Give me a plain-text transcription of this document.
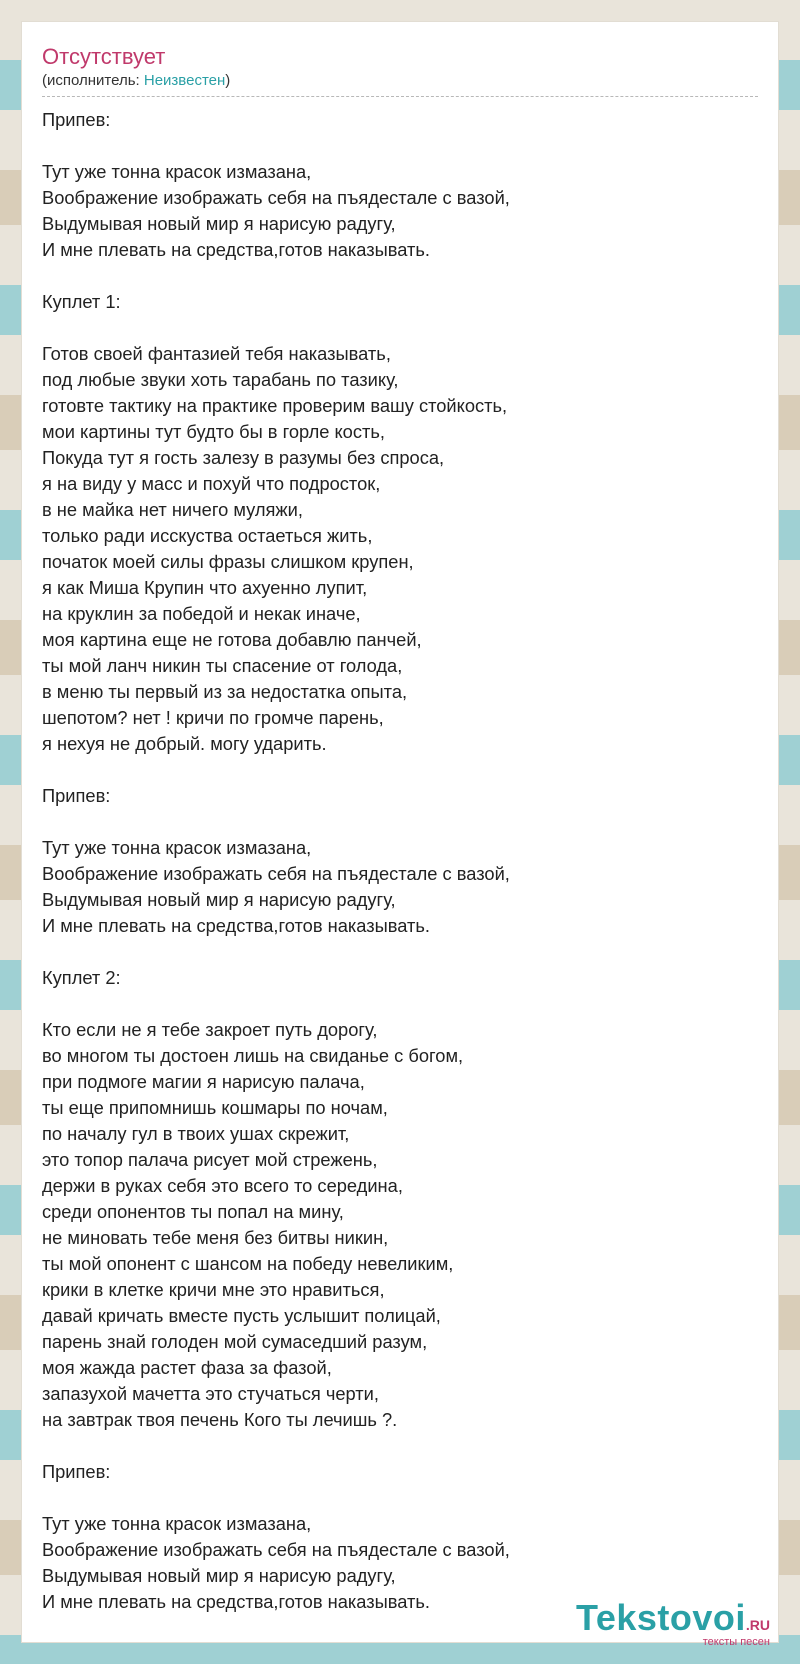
Отсутствует
(исполнитель: Неизвестен)
Припев:
Тут уже тонна красок измазана,
Воображение изображать себя на пъядестале с вазой,
Выдумывая новый мир я нарисую радугу,
И мне плевать на средства,готов наказывать.
Куплет 1:
Готов своей фантазией тебя наказывать,
под любые звуки хоть тарабань по тазику,
готовте тактику на практике проверим вашу стойкость,
мои картины тут будто бы в горле кость,
Покуда тут я гость залезу в разумы без спроса,
я на виду у масс и похуй что подросток,
в не майка нет ничего муляжи,
только ради исскуства остаеться жить,
початок моей силы фразы слишком крупен,
я как Миша Крупин что ахуенно лупит,
на круклин за победой и некак иначе,
моя картина еще не готова добавлю панчей,
ты мой ланч никин ты спасение от голода,
в меню ты первый из за недостатка опыта,
шепотом? нет ! кричи по громче парень,
я нехуя не добрый. могу ударить.
Припев:
Тут уже тонна красок измазана,
Воображение изображать себя на пъядестале с вазой,
Выдумывая новый мир я нарисую радугу,
И мне плевать на средства,готов наказывать.
Куплет 2:
Кто если не я тебе закроет путь дорогу,
во многом ты достоен лишь на свиданье с богом,
при подмоге магии я нарисую палача,
ты еще припомнишь кошмары по ночам,
по началу гул в твоих ушах скрежит,
это топор палача рисует мой стрежень,
держи в руках себя это всего то середина,
среди опонентов ты попал на мину,
не миновать тебе меня без битвы никин,
ты мой опонент с шансом на победу невеликим,
крики в клетке кричи мне это нравиться,
давай кричать вместе пусть услышит полицай,
парень знай голоден мой сумаседший разум,
моя жажда растет фаза за фазой,
запазухой мачетта это стучаться черти,
на завтрак твоя печень Кого ты лечишь ?.
Припев:
Тут уже тонна красок измазана,
Воображение изображать себя на пъядестале с вазой,
Выдумывая новый мир я нарисую радугу,
И мне плевать на средства,готов наказывать.	Tekstovoi.RU
тексты песен
